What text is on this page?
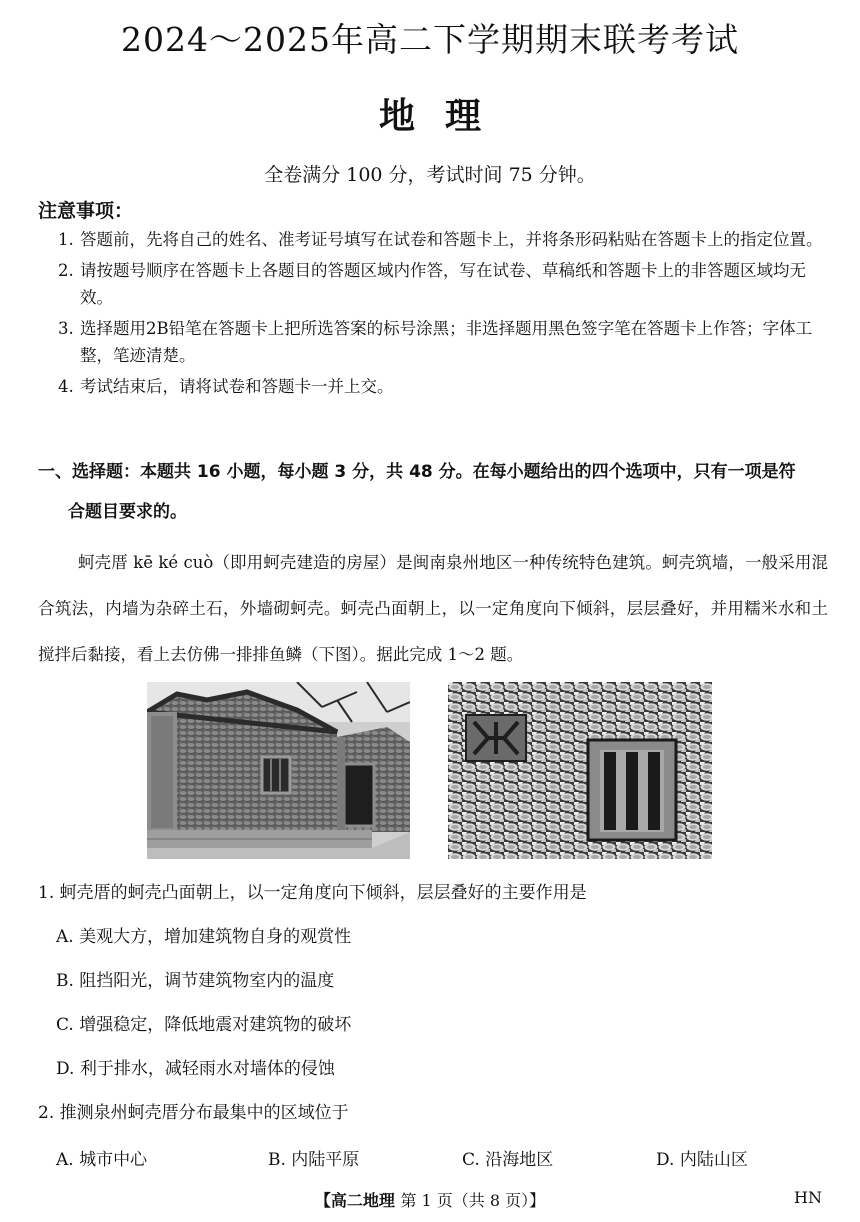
2024～2025年高二下学期期末联考考试
地理
全卷满分 100 分，考试时间 75 分钟。
注意事项：
1. 答题前，先将自己的姓名、准考证号填写在试卷和答题卡上，并将条形码粘贴在答题卡上的指定位置。
2. 请按题号顺序在答题卡上各题目的答题区域内作答，写在试卷、草稿纸和答题卡上的非答题区域均无效。
3. 选择题用2B铅笔在答题卡上把所选答案的标号涂黑；非选择题用黑色签字笔在答题卡上作答；字体工整，笔迹清楚。
4. 考试结束后，请将试卷和答题卡一并上交。
一、选择题：本题共 16 小题，每小题 3 分，共 48 分。在每小题给出的四个选项中，只有一项是符
合题目要求的。
蚵壳厝 kē ké cuò（即用蚵壳建造的房屋）是闽南泉州地区一种传统特色建筑。蚵壳筑墙，一般采用混合筑法，内墙为杂碎土石，外墙砌蚵壳。蚵壳凸面朝上，以一定角度向下倾斜，层层叠好，并用糯米水和土搅拌后黏接，看上去仿佛一排排鱼鳞（下图）。据此完成 1～2 题。
1. 蚵壳厝的蚵壳凸面朝上，以一定角度向下倾斜，层层叠好的主要作用是
A. 美观大方，增加建筑物自身的观赏性
B. 阻挡阳光，调节建筑物室内的温度
C. 增强稳定，降低地震对建筑物的破坏
D. 利于排水，减轻雨水对墙体的侵蚀
2. 推测泉州蚵壳厝分布最集中的区域位于
A. 城市中心	B. 内陆平原	C. 沿海地区	D. 内陆山区
【高二地理 第 1 页（共 8 页）】	HN
